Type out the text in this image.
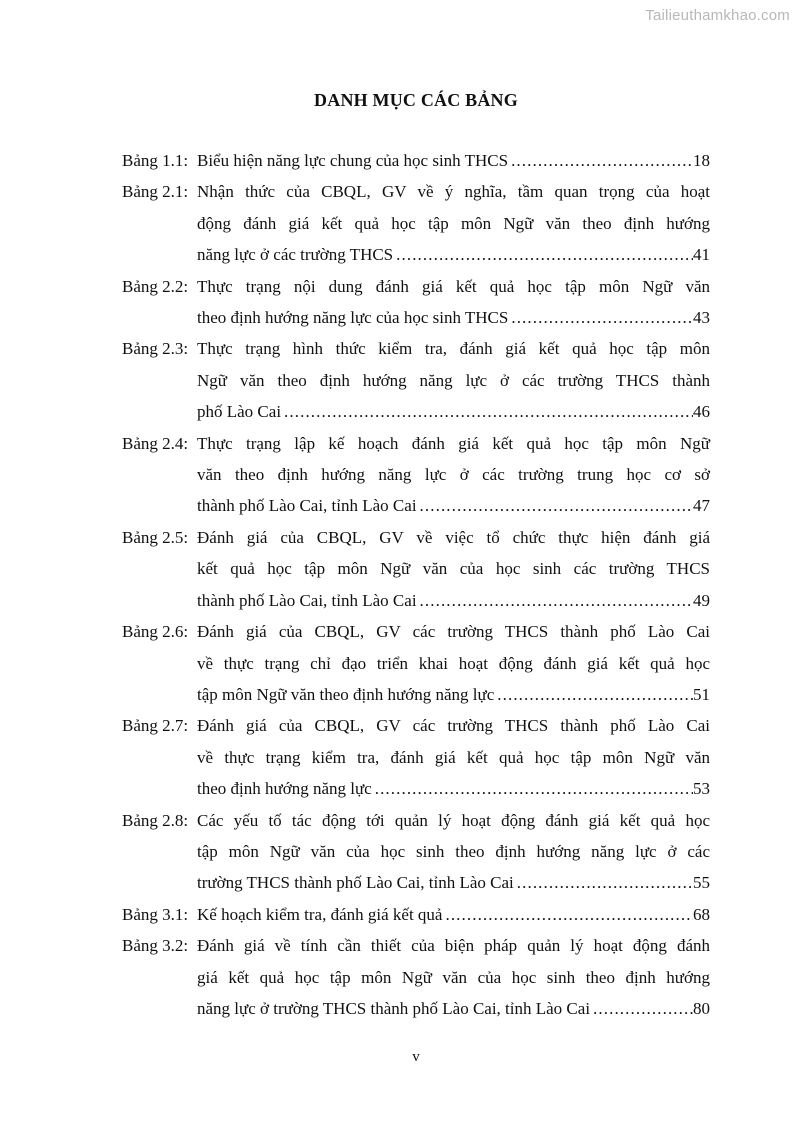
Tailieuthamkhao.com
DANH MỤC CÁC BẢNG
Bảng 1.1: Biểu hiện năng lực chung của học sinh THCS .....	18
Bảng 2.1: Nhận thức của CBQL, GV về ý nghĩa, tầm quan trọng của hoạt
động đánh giá kết quả học tập môn Ngữ văn theo định hướng
năng lực ở các trường THCS .....	41
Bảng 2.2: Thực trạng nội dung đánh giá kết quả học tập môn Ngữ văn
theo định hướng năng lực của học sinh THCS .....	43
Bảng 2.3: Thực trạng hình thức kiểm tra, đánh giá kết quả học tập môn
Ngữ văn theo định hướng năng lực ở các trường THCS thành
phố Lào Cai .....	46
Bảng 2.4: Thực trạng lập kế hoạch đánh giá kết quả học tập môn Ngữ
văn theo định hướng năng lực ở các trường trung học cơ sở
thành phố Lào Cai, tỉnh Lào Cai .....	47
Bảng 2.5: Đánh giá của CBQL, GV về việc tổ chức thực hiện đánh giá
kết quả học tập môn Ngữ văn của học sinh các trường THCS
thành phố Lào Cai, tỉnh Lào Cai .....	49
Bảng 2.6: Đánh giá của CBQL, GV các trường THCS thành phố Lào Cai
về thực trạng chỉ đạo triển khai hoạt động đánh giá kết quả học
tập môn Ngữ văn theo định hướng năng lực .....	51
Bảng 2.7: Đánh giá của CBQL, GV các trường THCS thành phố Lào Cai
về thực trạng kiểm tra, đánh giá kết quả học tập môn Ngữ văn
theo định hướng năng lực .....	53
Bảng 2.8: Các yếu tố tác động tới quản lý hoạt động đánh giá kết quả học
tập môn Ngữ văn của học sinh theo định hướng năng lực ở các
trường THCS thành phố Lào Cai, tỉnh Lào Cai .....	55
Bảng 3.1: Kế hoạch kiểm tra, đánh giá kết quả .....	68
Bảng 3.2: Đánh giá về tính cần thiết của biện pháp quản lý hoạt động đánh
giá kết quả học tập môn Ngữ văn của học sinh theo định hướng
năng lực ở trường THCS thành phố Lào Cai, tỉnh Lào Cai .....	80
v
